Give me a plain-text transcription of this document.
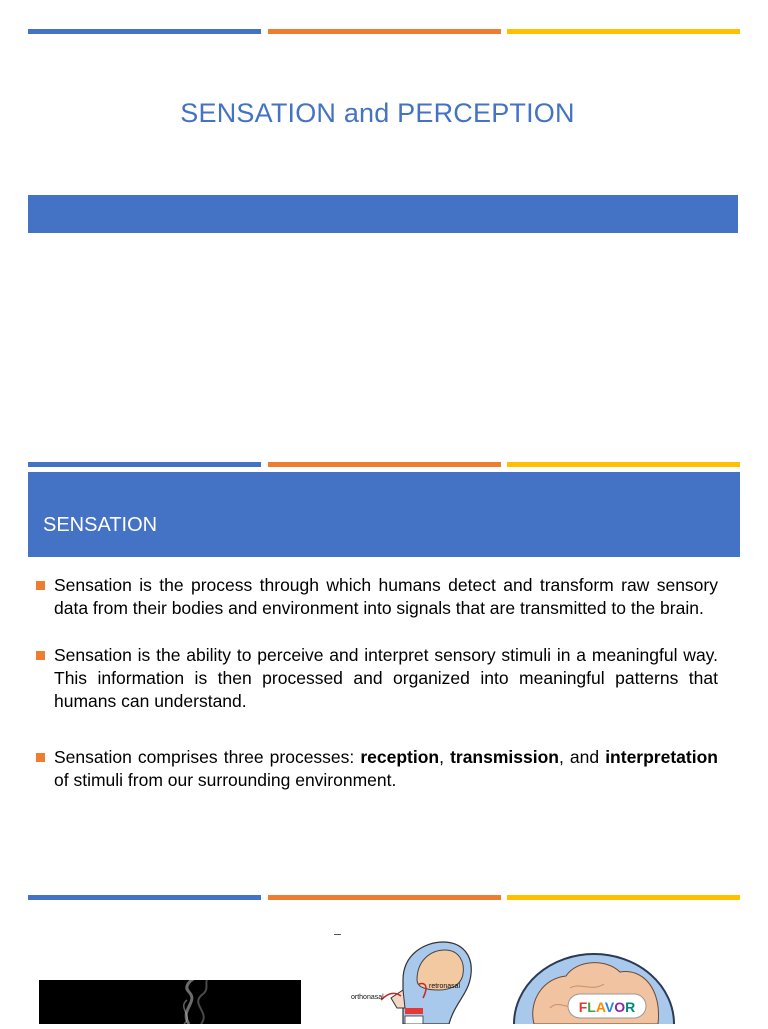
SENSATION and PERCEPTION
SENSATION
Sensation is the process through which humans detect and transform raw sensory data from their bodies and environment into signals that are transmitted to the brain.
Sensation is the ability to perceive and interpret sensory stimuli in a meaningful way. This information is then processed and organized into meaningful patterns that humans can understand.
Sensation comprises three processes: reception, transmission, and interpretation of stimuli from our surrounding environment.
orthonasal
retronasal
FLAVOR
